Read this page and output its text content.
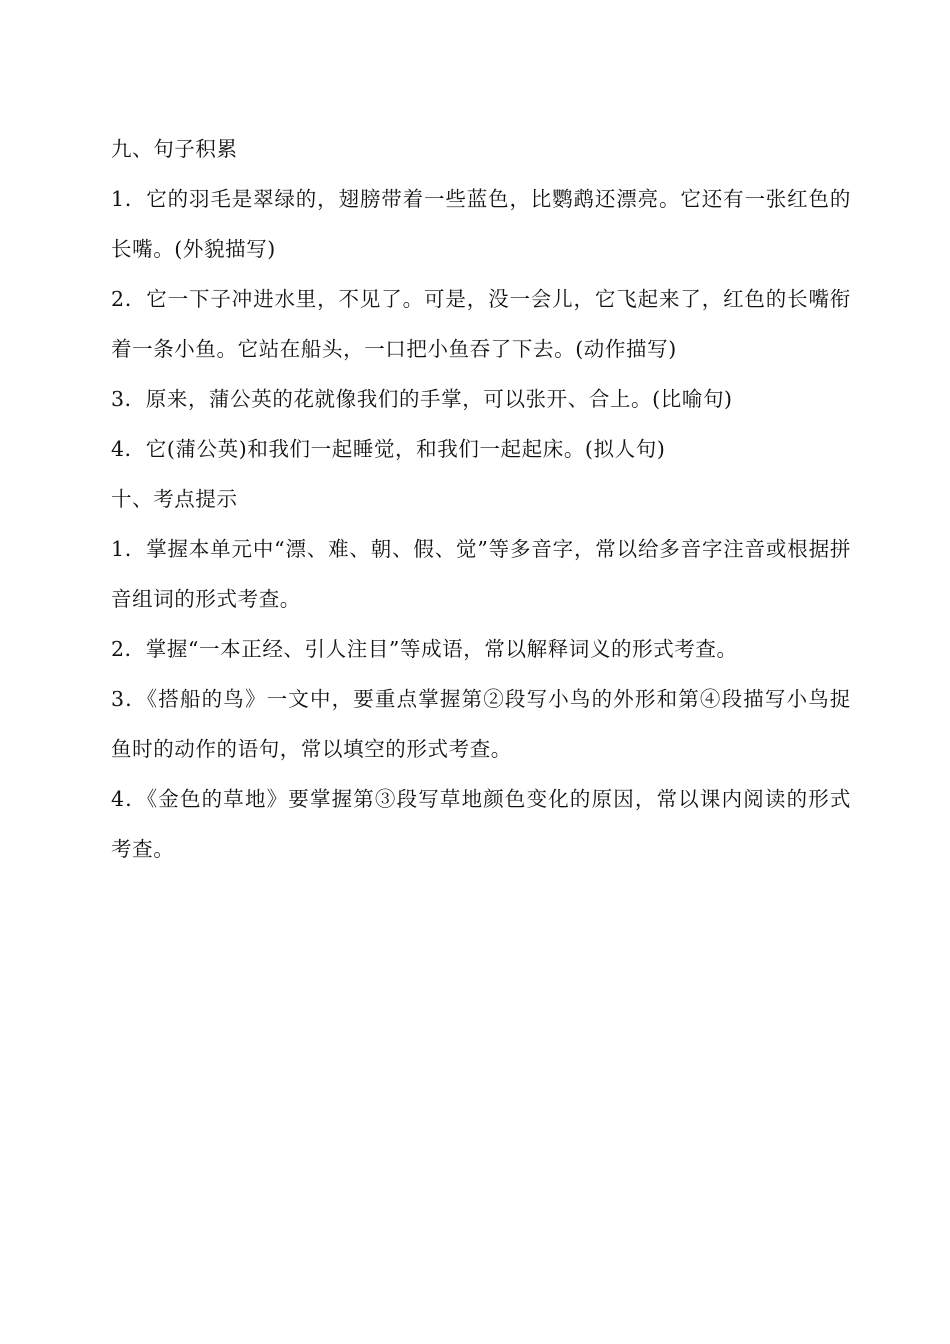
九、句子积累

1．它的羽毛是翠绿的，翅膀带着一些蓝色，比鹦鹉还漂亮。它还有一张红色的长嘴。(外貌描写)

2．它一下子冲进水里，不见了。可是，没一会儿，它飞起来了，红色的长嘴衔着一条小鱼。它站在船头，一口把小鱼吞了下去。(动作描写)

3．原来，蒲公英的花就像我们的手掌，可以张开、合上。(比喻句)

4．它(蒲公英)和我们一起睡觉，和我们一起起床。(拟人句)

十、考点提示

1．掌握本单元中“漂、难、朝、假、觉”等多音字，常以给多音字注音或根据拼音组词的形式考查。

2．掌握“一本正经、引人注目”等成语，常以解释词义的形式考查。

3．《搭船的鸟》一文中，要重点掌握第②段写小鸟的外形和第④段描写小鸟捉鱼时的动作的语句，常以填空的形式考查。

4．《金色的草地》要掌握第③段写草地颜色变化的原因，常以课内阅读的形式考查。
